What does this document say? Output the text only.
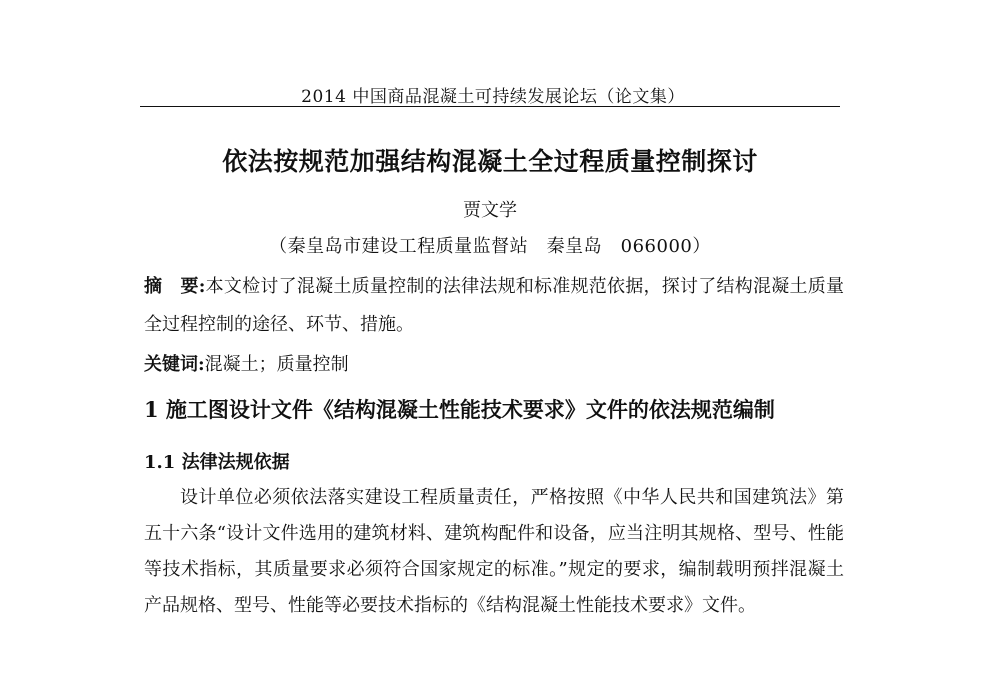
2014 中国商品混凝土可持续发展论坛（论文集）
依法按规范加强结构混凝土全过程质量控制探讨
贾文学
（秦皇岛市建设工程质量监督站　秦皇岛　066000）
摘　要:本文检讨了混凝土质量控制的法律法规和标准规范依据，探讨了结构混凝土质量全过程控制的途径、环节、措施。
关键词:混凝土；质量控制
1 施工图设计文件《结构混凝土性能技术要求》文件的依法规范编制
1.1 法律法规依据
设计单位必须依法落实建设工程质量责任，严格按照《中华人民共和国建筑法》第五十六条“设计文件选用的建筑材料、建筑构配件和设备，应当注明其规格、型号、性能等技术指标，其质量要求必须符合国家规定的标准。”规定的要求，编制载明预拌混凝土产品规格、型号、性能等必要技术指标的《结构混凝土性能技术要求》文件。
